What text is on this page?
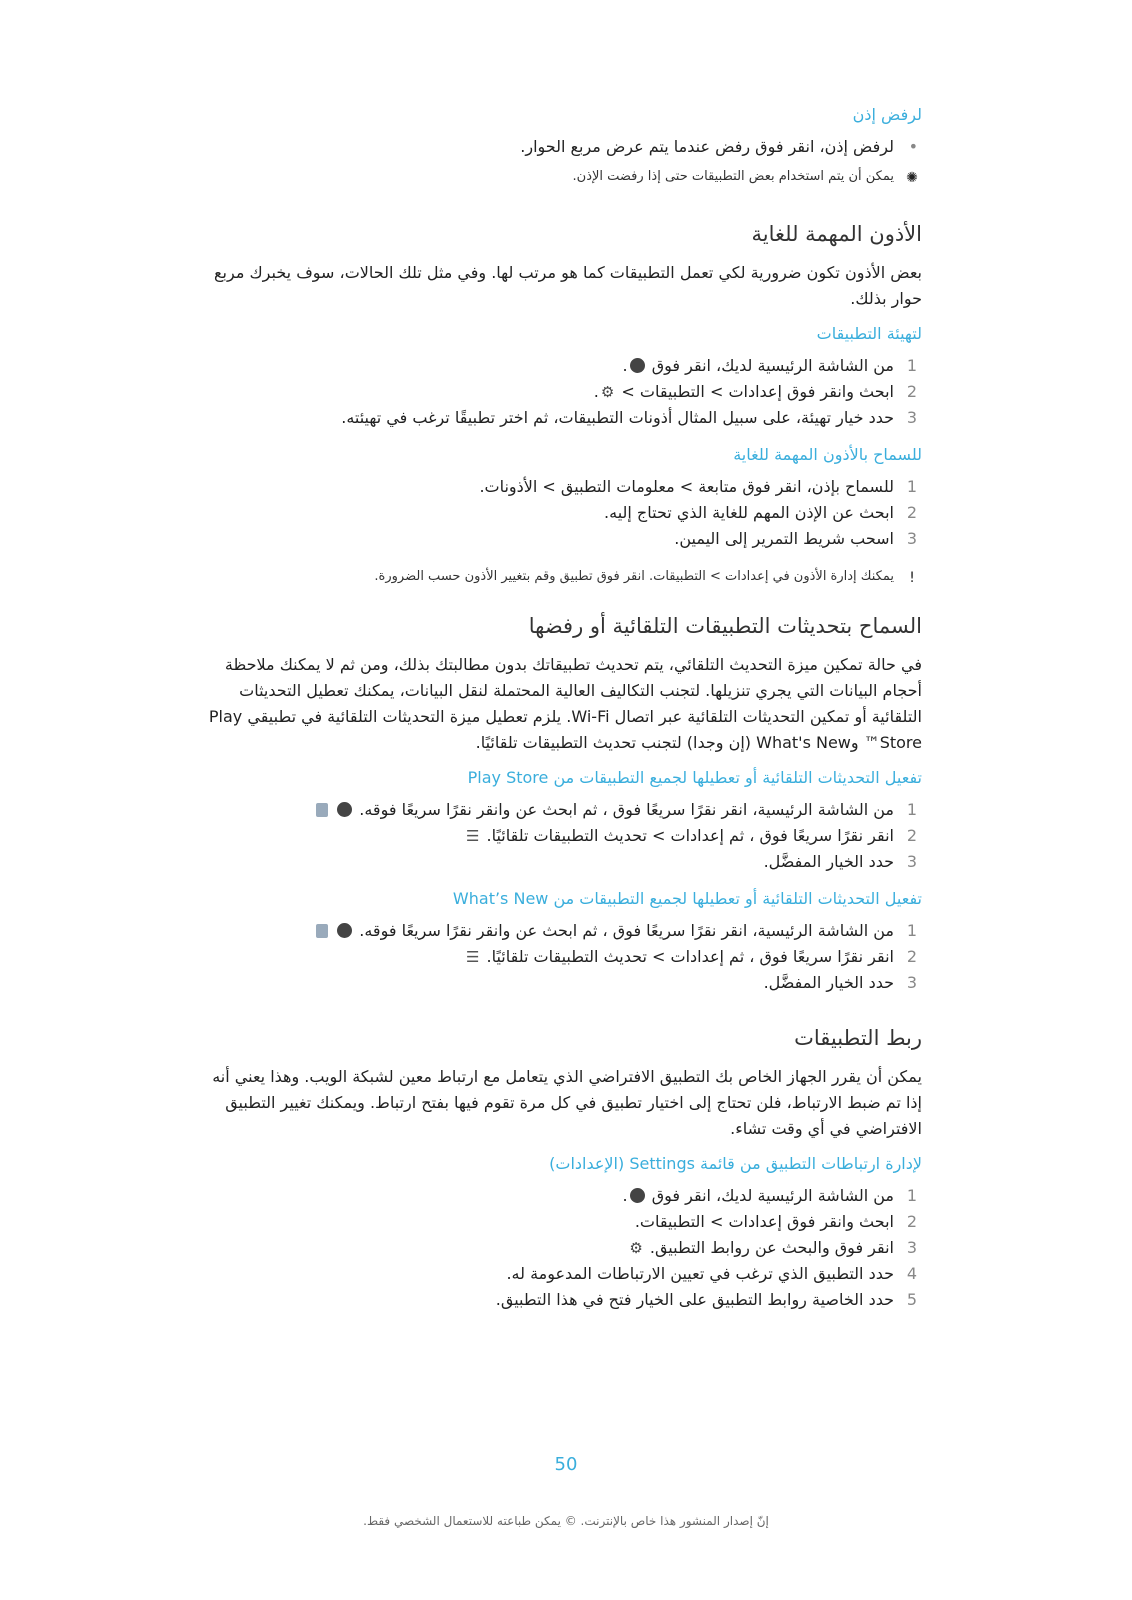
لرفض إذن
•
لرفض إذن، انقر فوق رفض عندما يتم عرض مربع الحوار.
✺
يمكن أن يتم استخدام بعض التطبيقات حتى إذا رفضت الإذن.
الأذون المهمة للغاية
بعض الأذون تكون ضرورية لكي تعمل التطبيقات كما هو مرتب لها. وفي مثل تلك الحالات، سوف يخبرك مربع حوار بذلك.
لتهيئة التطبيقات
1
من الشاشة الرئيسية لديك، انقر فوق .
2
ابحث وانقر فوق إعدادات > التطبيقات > ⚙.
3
حدد خيار تهيئة، على سبيل المثال أذونات التطبيقات، ثم اختر تطبيقًا ترغب في تهيئته.
للسماح بالأذون المهمة للغاية
1
للسماح بإذن، انقر فوق متابعة > معلومات التطبيق > الأذونات.
2
ابحث عن الإذن المهم للغاية الذي تحتاج إليه.
3
اسحب شريط التمرير إلى اليمين.
!
يمكنك إدارة الأذون في إعدادات > التطبيقات. انقر فوق تطبيق وقم بتغيير الأذون حسب الضرورة.
السماح بتحديثات التطبيقات التلقائية أو رفضها
في حالة تمكين ميزة التحديث التلقائي، يتم تحديث تطبيقاتك بدون مطالبتك بذلك، ومن ثم لا يمكنك ملاحظة أحجام البيانات التي يجري تنزيلها. لتجنب التكاليف العالية المحتملة لنقل البيانات، يمكنك تعطيل التحديثات التلقائية أو تمكين التحديثات التلقائية عبر اتصال Wi-Fi. يلزم تعطيل ميزة التحديثات التلقائية في تطبيقي Play Store™ وWhat's New (إن وجدا) لتجنب تحديث التطبيقات تلقائيًا.
تفعيل التحديثات التلقائية أو تعطيلها لجميع التطبيقات من Play Store
1
من الشاشة الرئيسية، انقر نقرًا سريعًا فوق ، ثم ابحث عن وانقر نقرًا سريعًا فوقه.
2
انقر نقرًا سريعًا فوق ، ثم إعدادات > تحديث التطبيقات تلقائيًا. ☰
3
حدد الخيار المفضَّل.
تفعيل التحديثات التلقائية أو تعطيلها لجميع التطبيقات من What’s New
1
من الشاشة الرئيسية، انقر نقرًا سريعًا فوق ، ثم ابحث عن وانقر نقرًا سريعًا فوقه.
2
انقر نقرًا سريعًا فوق ، ثم إعدادات > تحديث التطبيقات تلقائيًا. ☰
3
حدد الخيار المفضَّل.
ربط التطبيقات
يمكن أن يقرر الجهاز الخاص بك التطبيق الافتراضي الذي يتعامل مع ارتباط معين لشبكة الويب. وهذا يعني أنه إذا تم ضبط الارتباط، فلن تحتاج إلى اختيار تطبيق في كل مرة تقوم فيها بفتح ارتباط. ويمكنك تغيير التطبيق الافتراضي في أي وقت تشاء.
لإدارة ارتباطات التطبيق من قائمة Settings (الإعدادات)
1
من الشاشة الرئيسية لديك، انقر فوق .
2
ابحث وانقر فوق إعدادات > التطبيقات.
3
انقر فوق والبحث عن روابط التطبيق. ⚙
4
حدد التطبيق الذي ترغب في تعيين الارتباطات المدعومة له.
5
حدد الخاصية روابط التطبيق على الخيار فتح في هذا التطبيق.
50
إنّ إصدار المنشور هذا خاص بالإنترنت. © يمكن طباعته للاستعمال الشخصي فقط.
